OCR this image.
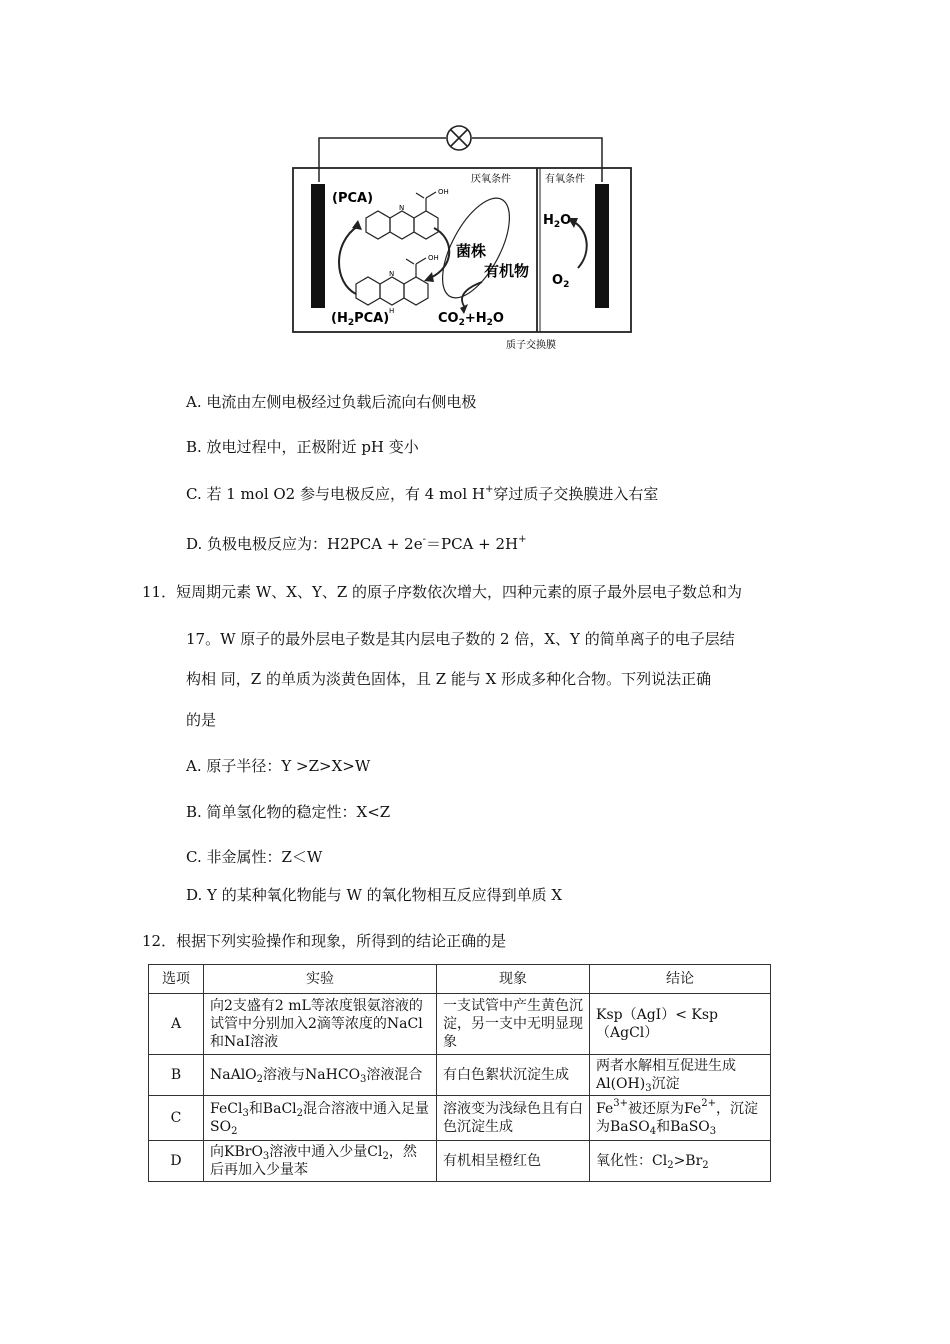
厌氧条件	有氧条件
质子交换膜
(PCA)
$(H_2PCA)$
OH
N
OH
N
H
菌株
有机物
$CO_2+H_2O$
$H_2O$
$O_2$
A. 电流由左侧电极经过负载后流向右侧电极
B. 放电过程中，正极附近 pH 变小
C. 若 1 mol O2 参与电极反应，有 4 mol H+穿过质子交换膜进入右室
D. 负极电极反应为：H2PCA + 2e-＝PCA + 2H+
11．短周期元素 W、X、Y、Z 的原子序数依次增大，四种元素的原子最外层电子数总和为
17。W 原子的最外层电子数是其内层电子数的 2 倍，X、Y 的简单离子的电子层结
构相 同，Z 的单质为淡黄色固体，且 Z 能与 X 形成多种化合物。下列说法正确
的是
A. 原子半径：Y >Z>X>W
B. 简单氢化物的稳定性：X<Z
C. 非金属性：Z＜W
D. Y 的某种氧化物能与 W 的氧化物相互反应得到单质 X
12．根据下列实验操作和现象，所得到的结论正确的是
选项	实验	现象	结论
A	向2支盛有2 mL等浓度银氨溶液的试管中分别加入2滴等浓度的NaCl和NaI溶液	一支试管中产生黄色沉淀，另一支中无明显现象	Ksp（AgI）< Ksp（AgCl）
B	NaAlO$_2$溶液与NaHCO$_3$溶液混合	有白色絮状沉淀生成	两者水解相互促进生成$Al(OH)_3$沉淀
C	FeCl$_3$和BaCl$_2$混合溶液中通入足量$SO_2$	溶液变为浅绿色且有白色沉淀生成	$Fe^{3+}$被还原为$Fe^{2+}$，沉淀为BaSO$_4$和BaSO$_3$
D	向KBrO$_3$溶液中通入少量$Cl_2$，然后再加入少量苯	有机相呈橙红色	氧化性：$Cl_2>Br_2$
